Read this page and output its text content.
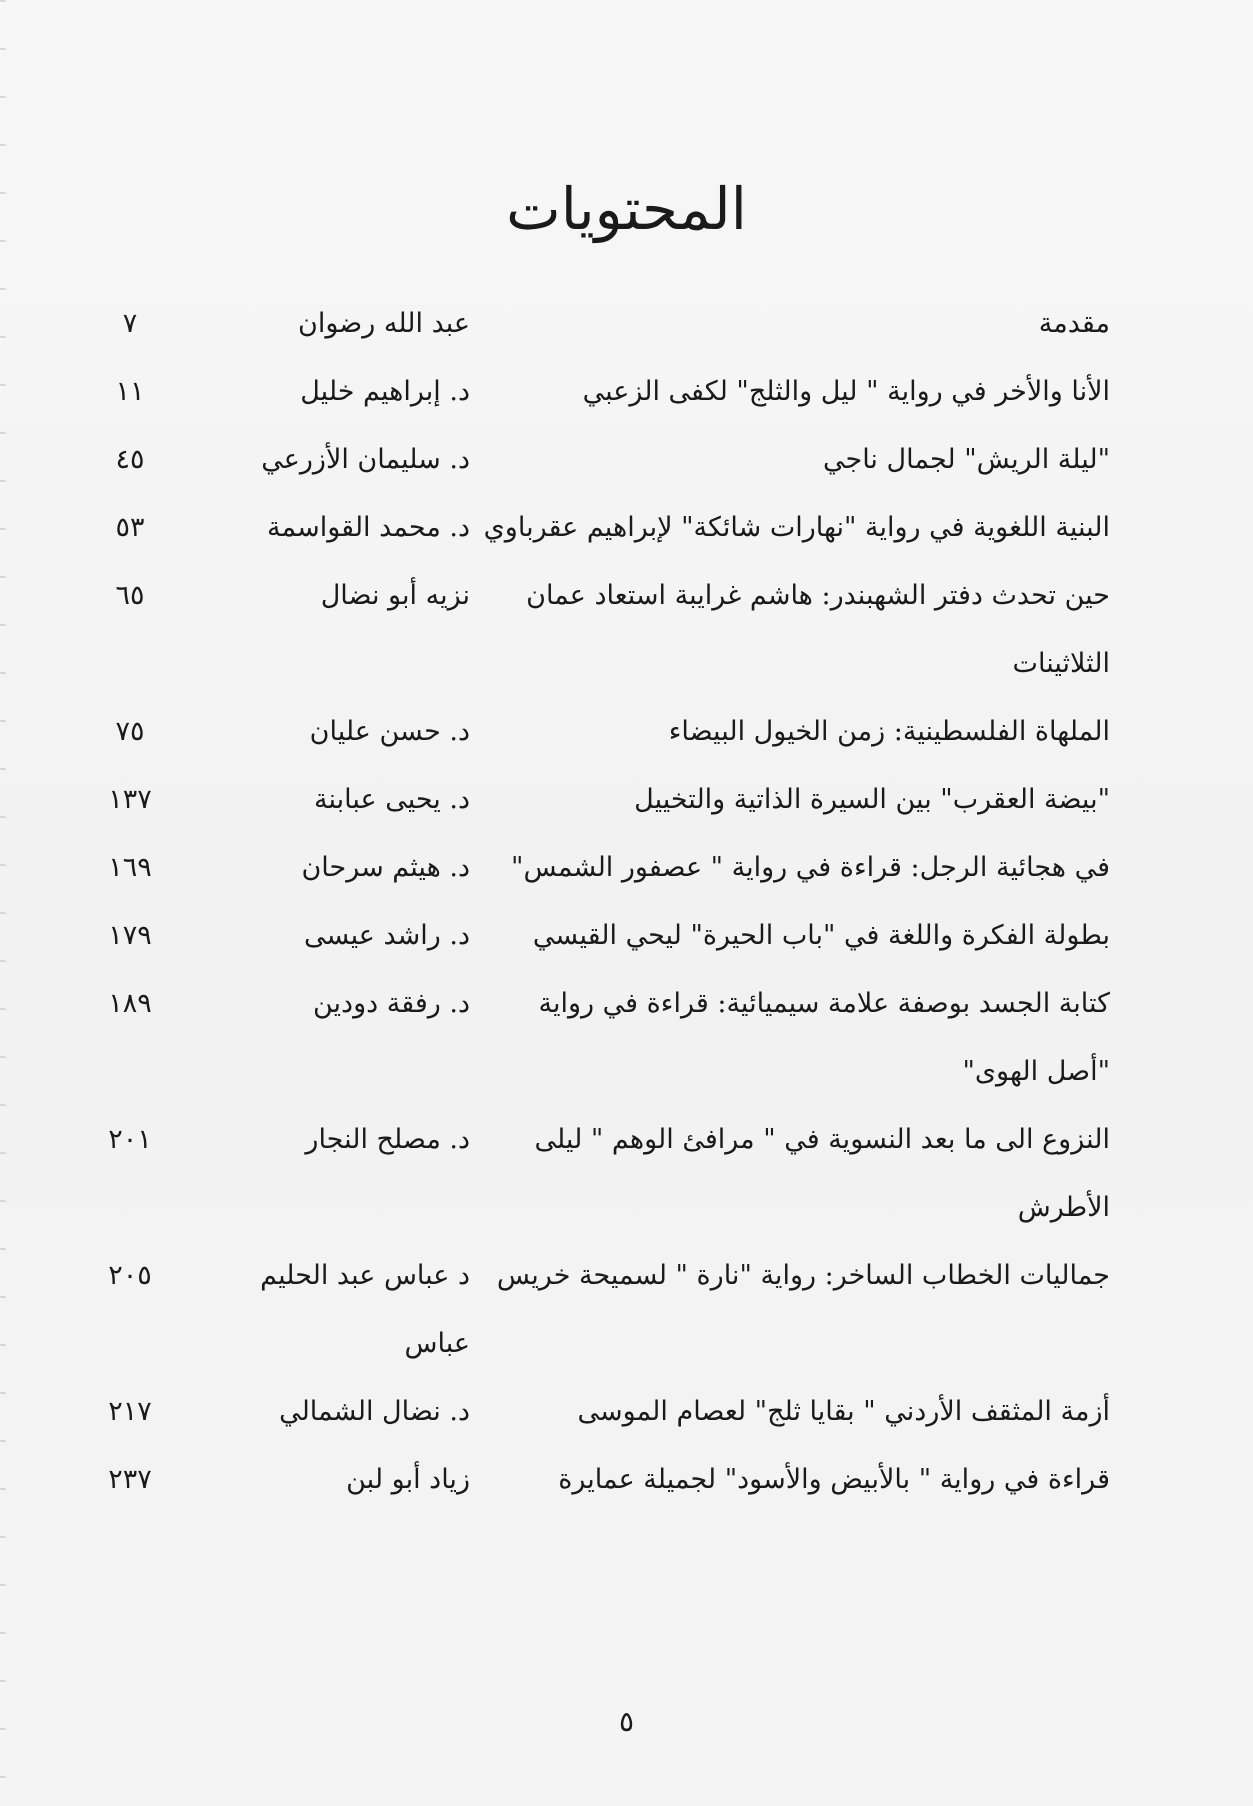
المحتويات
مقدمة
عبد الله رضوان
٧
الأنا والأخر في رواية " ليل والثلج" لكفى الزعبي
د. إبراهيم خليل
١١
"ليلة الريش" لجمال ناجي
د. سليمان الأزرعي
٤٥
البنية اللغوية في رواية "نهارات شائكة" لإبراهيم عقرباوي
د. محمد القواسمة
٥٣
حين تحدث دفتر الشهبندر: هاشم غرايبة استعاد عمان الثلاثينات
نزيه أبو نضال
٦٥
الملهاة الفلسطينية: زمن الخيول البيضاء
د. حسن عليان
٧٥
"بيضة العقرب" بين السيرة الذاتية والتخييل
د. يحيى عبابنة
١٣٧
في هجائية الرجل: قراءة في رواية " عصفور الشمس"
د. هيثم سرحان
١٦٩
بطولة الفكرة واللغة في "باب الحيرة" ليحي القيسي
د. راشد عيسى
١٧٩
كتابة الجسد بوصفة علامة سيميائية: قراءة في رواية "أصل الهوى"
د. رفقة دودين
١٨٩
النزوع الى ما بعد النسوية في " مرافئ الوهم " ليلى الأطرش
د. مصلح النجار
٢٠١
جماليات الخطاب الساخر: رواية "نارة " لسميحة خريس
د عباس عبد الحليم عباس
٢٠٥
أزمة المثقف الأردني " بقايا ثلج" لعصام الموسى
د. نضال الشمالي
٢١٧
قراءة في رواية " بالأبيض والأسود" لجميلة عمايرة
زياد أبو لبن
٢٣٧
٥
